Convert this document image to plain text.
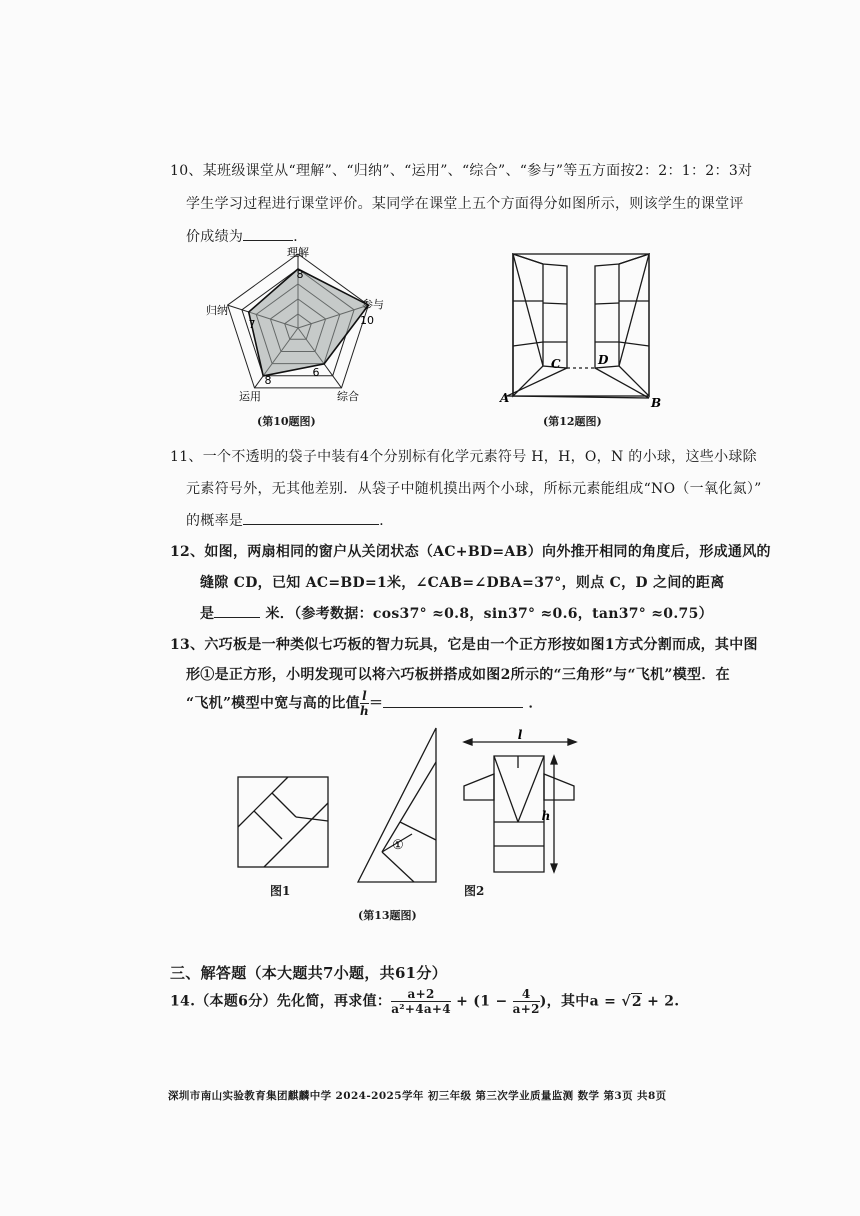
10、某班级课堂从“理解”、“归纳”、“运用”、“综合”、“参与”等五方面按2：2：1：2：3对
学生学习过程进行课堂评价。某同学在课堂上五个方面得分如图所示，则该学生的课堂评
价成绩为	．
理解
参与
综合
运用
归纳
8
10
6
8
7
(第10题图)
A	B
C	D
(第12题图)
11、一个不透明的袋子中装有4个分别标有化学元素符号 H，H，O，N 的小球，这些小球除
元素符号外，无其他差别．从袋子中随机摸出两个小球，所标元素能组成“NO（一氧化氮）”
的概率是	．
12、如图，两扇相同的窗户从关闭状态（AC+BD=AB）向外推开相同的角度后，形成通风的
缝隙 CD，已知 AC=BD=1米，∠CAB=∠DBA=37°，则点 C，D 之间的距离
是	米．（参考数据：cos37° ≈0.8，sin37° ≈0.6，tan37° ≈0.75）
13、六巧板是一种类似七巧板的智力玩具，它是由一个正方形按如图1方式分割而成，其中图
形①是正方形，小明发现可以将六巧板拼搭成如图2所示的“三角形”与“飞机”模型．在
“飞机”模型中宽与高的比值 $\frac{l}{h}$ ＝	．
图1
①
图2
l
h
(第13题图)
三、解答题（本大题共7小题，共61分）
14.（本题6分）先化简，再求值： $\frac{a+2}{\text{a²+4a+4}} + (1 - \frac{4}{a+2}$ )，其中a = √2 + 2.
深圳市南山实验教育集团麒麟中学 2024-2025学年 初三年级 第三次学业质量监测 数学 第3页 共8页
